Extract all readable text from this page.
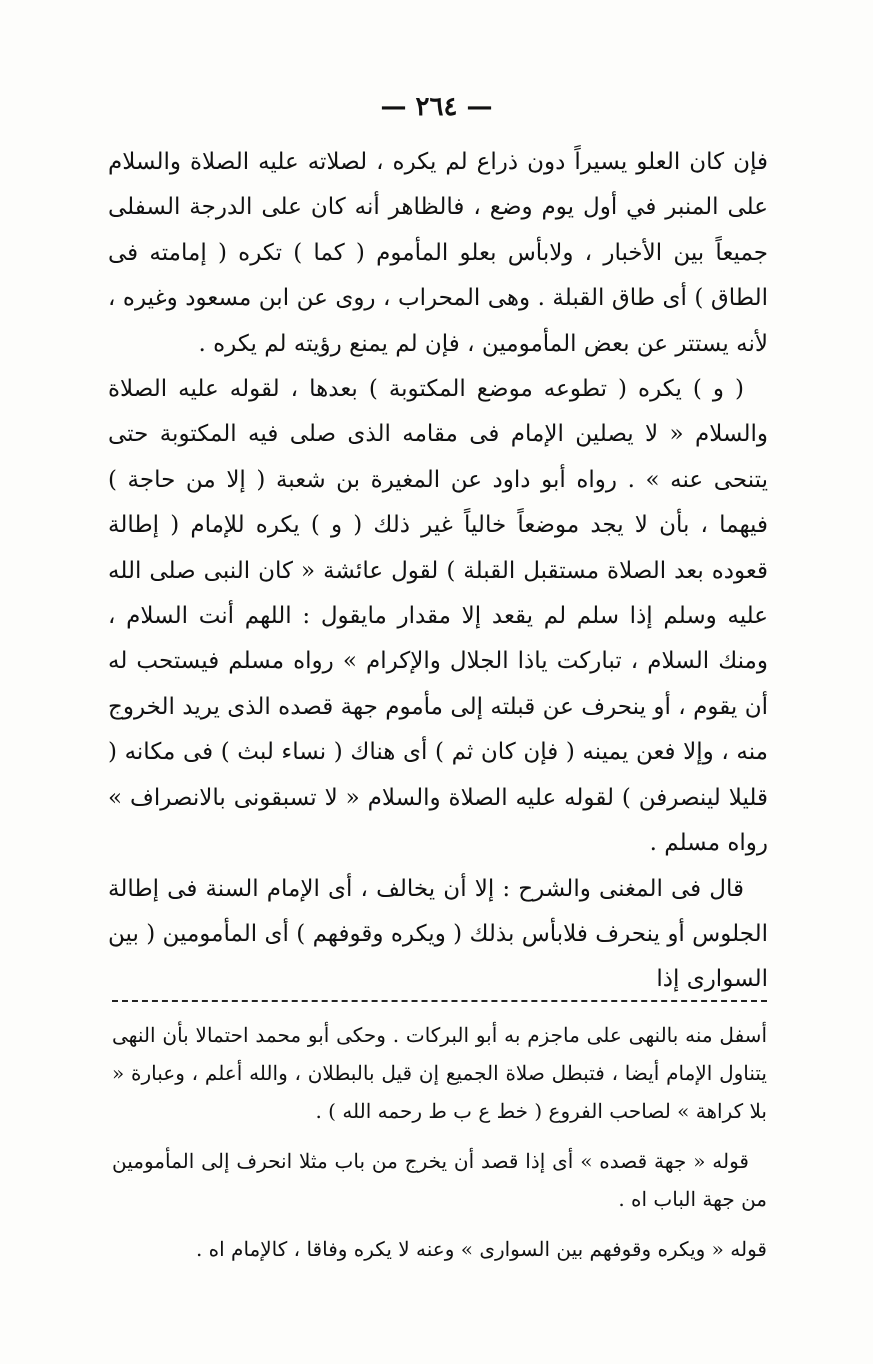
— ٢٦٤ —

فإن كان العلو يسيراً دون ذراع لم يكره ، لصلاته عليه الصلاة والسلام على المنبر في أول يوم وضع ، فالظاهر أنه كان على الدرجة السفلى جميعاً بين الأخبار ، ولابأس بعلو المأموم ( كما ) تكره ( إمامته فى الطاق ) أى طاق القبلة . وهى المحراب ، روى عن ابن مسعود وغيره ، لأنه يستتر عن بعض المأمومين ، فإن لم يمنع رؤيته لم يكره .

( و ) يكره ( تطوعه موضع المكتوبة ) بعدها ، لقوله عليه الصلاة والسلام « لا يصلين الإمام فى مقامه الذى صلى فيه المكتوبة حتى يتنحى عنه » . رواه أبو داود عن المغيرة بن شعبة ( إلا من حاجة ) فيهما ، بأن لا يجد موضعاً خالياً غير ذلك ( و ) يكره للإمام ( إطالة قعوده بعد الصلاة مستقبل القبلة ) لقول عائشة « كان النبى صلى الله عليه وسلم إذا سلم لم يقعد إلا مقدار مايقول : اللهم أنت السلام ، ومنك السلام ، تباركت ياذا الجلال والإكرام » رواه مسلم فيستحب له أن يقوم ، أو ينحرف عن قبلته إلى مأموم جهة قصده الذى يريد الخروج منه ، وإلا فعن يمينه ( فإن كان ثم ) أى هناك ( نساء لبث ) فى مكانه ( قليلا لينصرفن ) لقوله عليه الصلاة والسلام « لا تسبقونى بالانصراف » رواه مسلم .

قال فى المغنى والشرح : إلا أن يخالف ، أى الإمام السنة فى إطالة الجلوس أو ينحرف فلابأس بذلك ( ويكره وقوفهم ) أى المأمومين ( بين السوارى إذا

أسفل منه بالنهى على ماجزم به أبو البركات . وحكى أبو محمد احتمالا بأن النهى يتناول الإمام أيضا ، فتبطل صلاة الجميع إن قيل بالبطلان ، والله أعلم ، وعبارة « بلا كراهة » لصاحب الفروع ( خط ع ب ط رحمه الله ) .

قوله « جهة قصده » أى إذا قصد أن يخرج من باب مثلا انحرف إلى المأمومين من جهة الباب اه .

قوله « ويكره وقوفهم بين السوارى » وعنه لا يكره وفاقا ، كالإمام اه .
